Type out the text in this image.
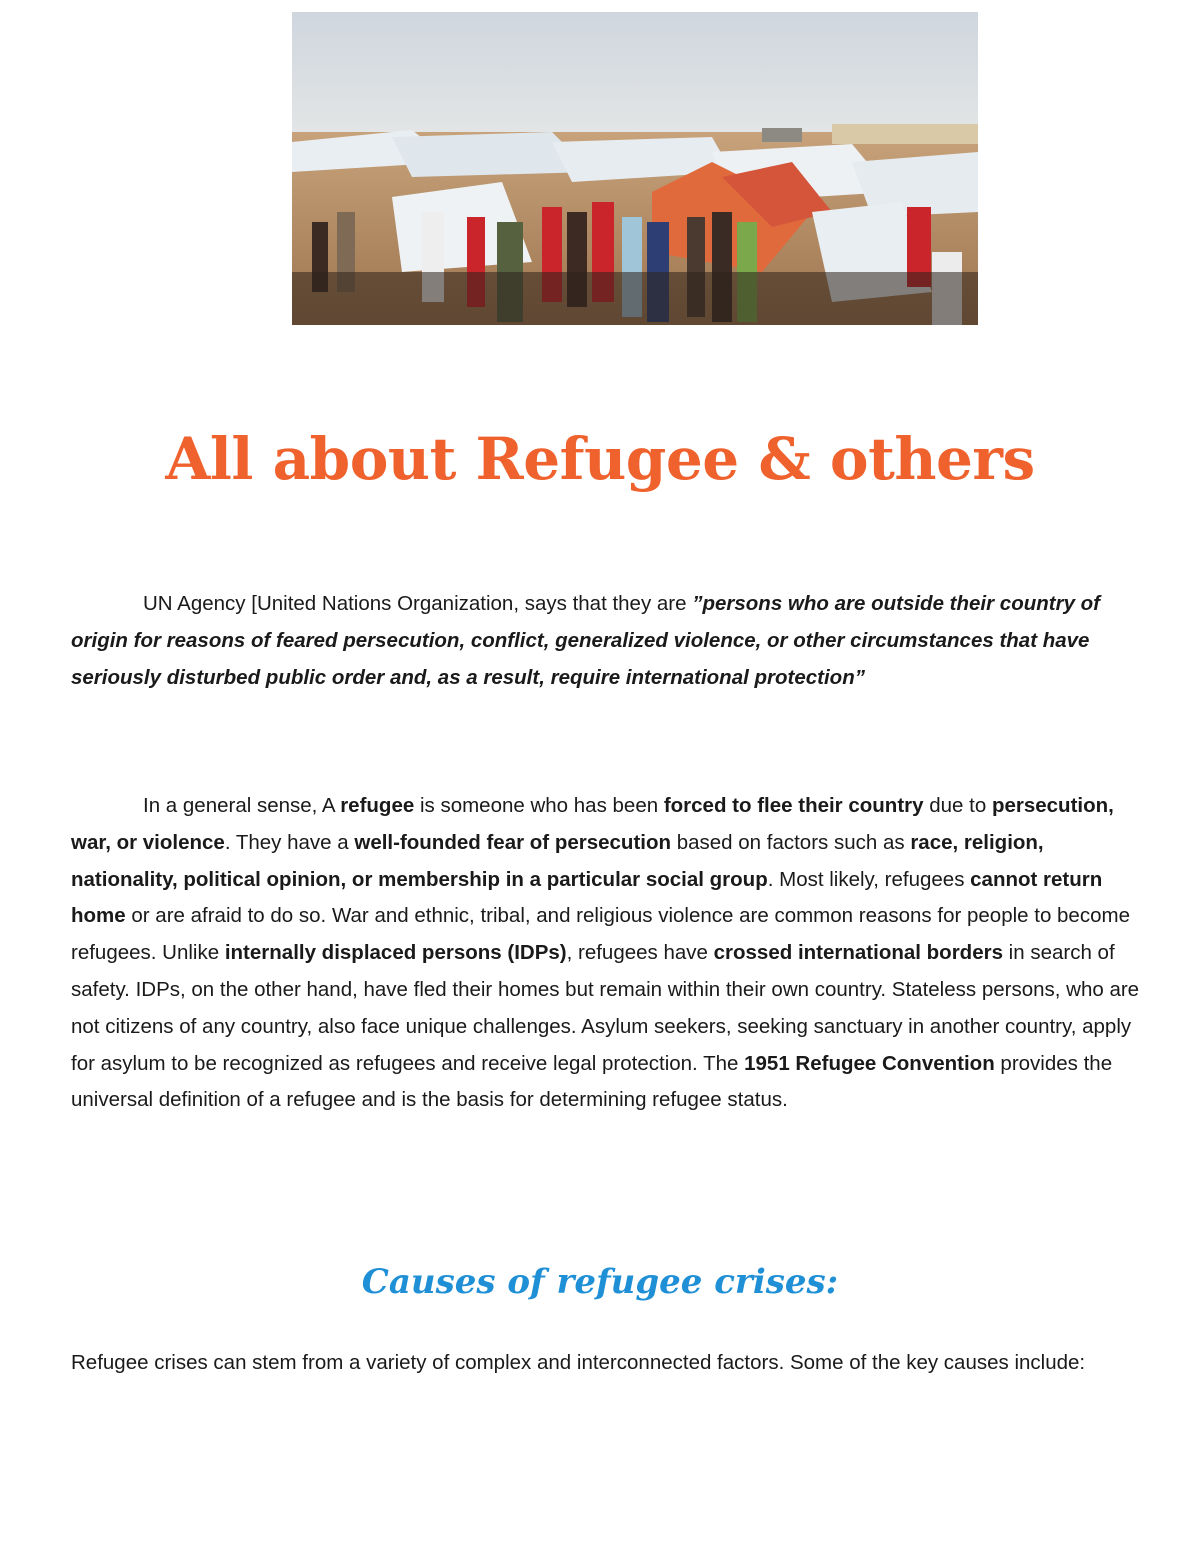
All about Refugee & others

UN Agency [United Nations Organization, says that they are ”persons who are outside their country of origin for reasons of feared persecution, conflict, generalized violence, or other circumstances that have seriously disturbed public order and, as a result, require international protection”

In a general sense, A refugee is someone who has been forced to flee their country due to persecution, war, or violence. They have a well-founded fear of persecution based on factors such as race, religion, nationality, political opinion, or membership in a particular social group. Most likely, refugees cannot return home or are afraid to do so. War and ethnic, tribal, and religious violence are common reasons for people to become refugees. Unlike internally displaced persons (IDPs), refugees have crossed international borders in search of safety. IDPs, on the other hand, have fled their homes but remain within their own country. Stateless persons, who are not citizens of any country, also face unique challenges. Asylum seekers, seeking sanctuary in another country, apply for asylum to be recognized as refugees and receive legal protection. The 1951 Refugee Convention provides the universal definition of a refugee and is the basis for determining refugee status.

Causes of refugee crises:

Refugee crises can stem from a variety of complex and interconnected factors. Some of the key causes include:
